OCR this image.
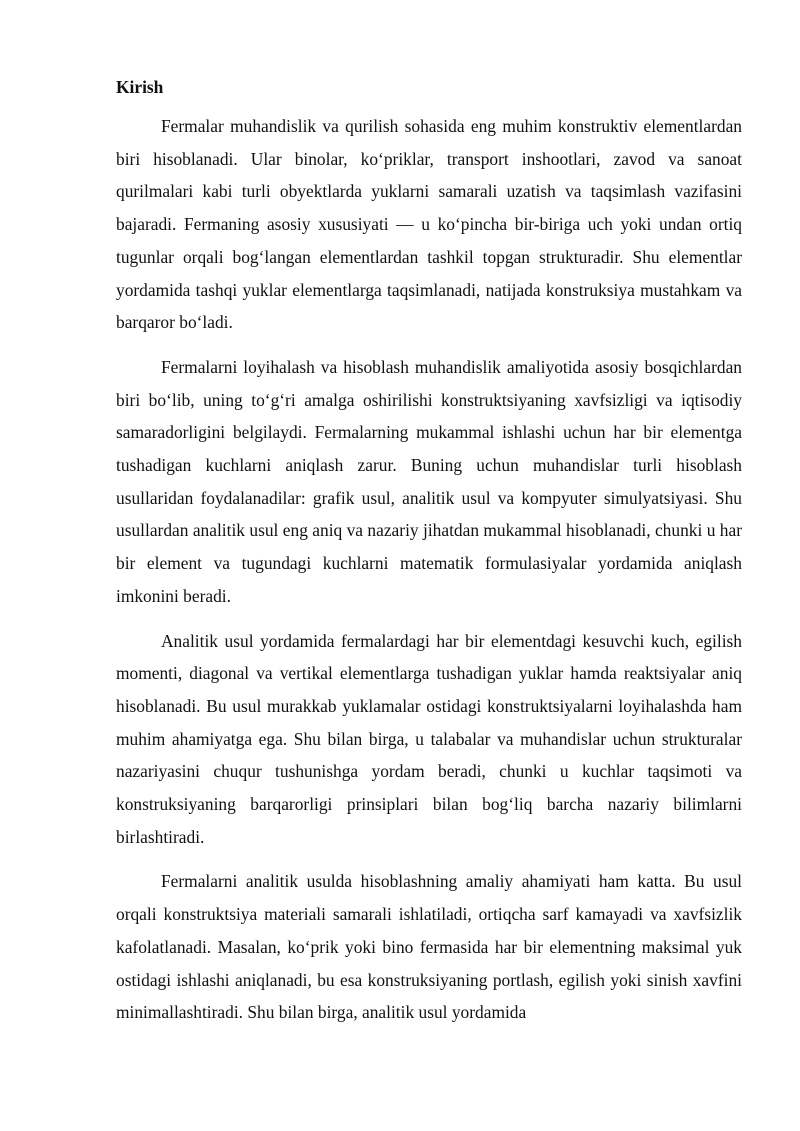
Kirish

Fermalar muhandislik va qurilish sohasida eng muhim konstruktiv elementlardan biri hisoblanadi. Ular binolar, ko‘priklar, transport inshootlari, zavod va sanoat qurilmalari kabi turli obyektlarda yuklarni samarali uzatish va taqsimlash vazifasini bajaradi. Fermaning asosiy xususiyati — u ko‘pincha bir-biriga uch yoki undan ortiq tugunlar orqali bog‘langan elementlardan tashkil topgan strukturadir. Shu elementlar yordamida tashqi yuklar elementlarga taqsimlanadi, natijada konstruksiya mustahkam va barqaror bo‘ladi.

Fermalarni loyihalash va hisoblash muhandislik amaliyotida asosiy bosqichlardan biri bo‘lib, uning to‘g‘ri amalga oshirilishi konstruktsiyaning xavfsizligi va iqtisodiy samaradorligini belgilaydi. Fermalarning mukammal ishlashi uchun har bir elementga tushadigan kuchlarni aniqlash zarur. Buning uchun muhandislar turli hisoblash usullaridan foydalanadilar: grafik usul, analitik usul va kompyuter simulyatsiyasi. Shu usullardan analitik usul eng aniq va nazariy jihatdan mukammal hisoblanadi, chunki u har bir element va tugundagi kuchlarni matematik formulasiyalar yordamida aniqlash imkonini beradi.

Analitik usul yordamida fermalardagi har bir elementdagi kesuvchi kuch, egilish momenti, diagonal va vertikal elementlarga tushadigan yuklar hamda reaktsiyalar aniq hisoblanadi. Bu usul murakkab yuklamalar ostidagi konstruktsiyalarni loyihalashda ham muhim ahamiyatga ega. Shu bilan birga, u talabalar va muhandislar uchun strukturalar nazariyasini chuqur tushunishga yordam beradi, chunki u kuchlar taqsimoti va konstruksiyaning barqarorligi prinsiplari bilan bog‘liq barcha nazariy bilimlarni birlashtiradi.

Fermalarni analitik usulda hisoblashning amaliy ahamiyati ham katta. Bu usul orqali konstruktsiya materiali samarali ishlatiladi, ortiqcha sarf kamayadi va xavfsizlik kafolatlanadi. Masalan, ko‘prik yoki bino fermasida har bir elementning maksimal yuk ostidagi ishlashi aniqlanadi, bu esa konstruksiyaning portlash, egilish yoki sinish xavfini minimallashtiradi. Shu bilan birga, analitik usul yordamida
